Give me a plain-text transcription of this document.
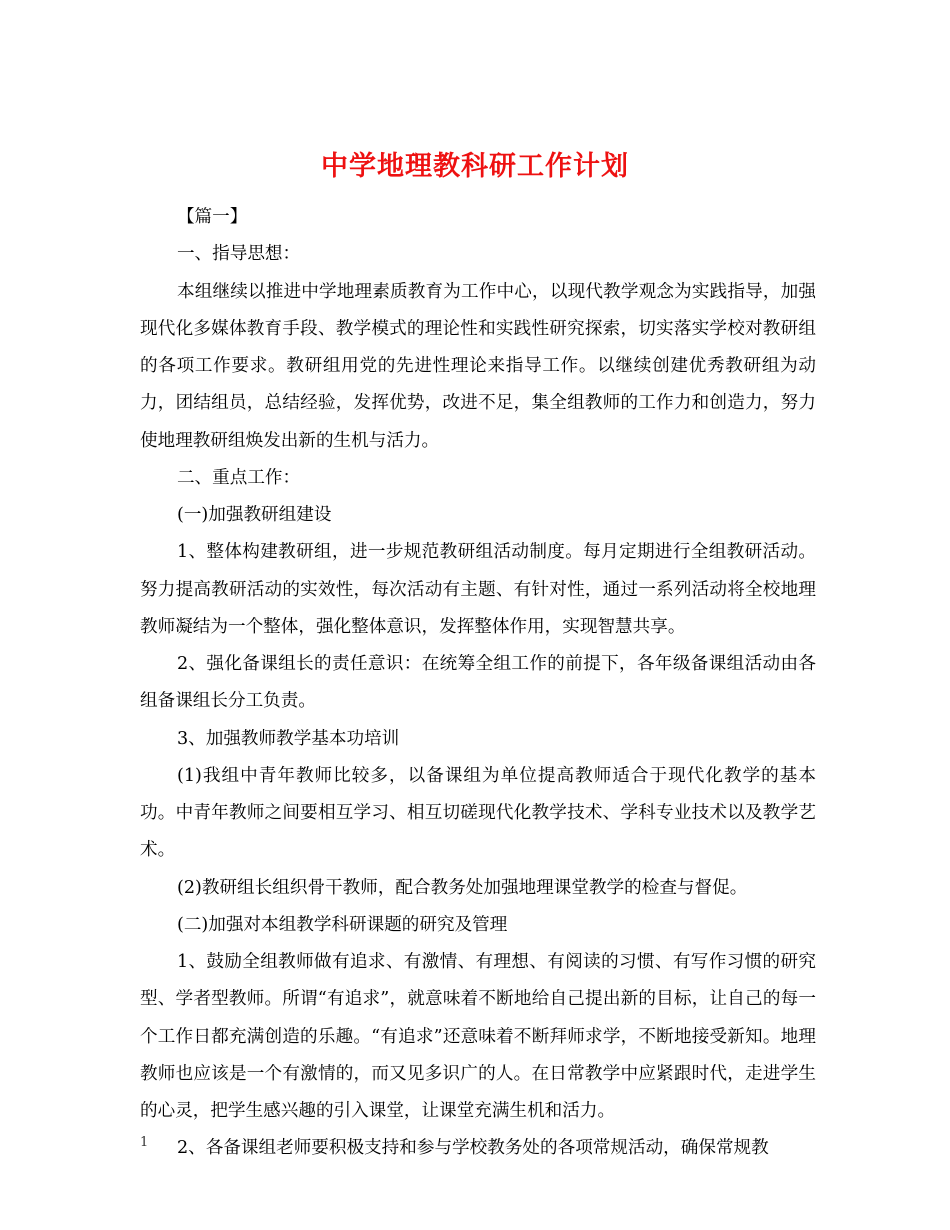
中学地理教科研工作计划

【篇一】

一、指导思想：

本组继续以推进中学地理素质教育为工作中心，以现代教学观念为实践指导，加强现代化多媒体教育手段、教学模式的理论性和实践性研究探索，切实落实学校对教研组的各项工作要求。教研组用党的先进性理论来指导工作。以继续创建优秀教研组为动力，团结组员，总结经验，发挥优势，改进不足，集全组教师的工作力和创造力，努力使地理教研组焕发出新的生机与活力。

二、重点工作：

(一)加强教研组建设

1、整体构建教研组，进一步规范教研组活动制度。每月定期进行全组教研活动。努力提高教研活动的实效性，每次活动有主题、有针对性，通过一系列活动将全校地理教师凝结为一个整体，强化整体意识，发挥整体作用，实现智慧共享。

2、强化备课组长的责任意识：在统筹全组工作的前提下，各年级备课组活动由各组备课组长分工负责。

3、加强教师教学基本功培训

(1)我组中青年教师比较多，以备课组为单位提高教师适合于现代化教学的基本功。中青年教师之间要相互学习、相互切磋现代化教学技术、学科专业技术以及教学艺术。

(2)教研组长组织骨干教师，配合教务处加强地理课堂教学的检查与督促。

(二)加强对本组教学科研课题的研究及管理

1、鼓励全组教师做有追求、有激情、有理想、有阅读的习惯、有写作习惯的研究型、学者型教师。所谓“有追求”，就意味着不断地给自己提出新的目标，让自己的每一个工作日都充满创造的乐趣。“有追求”还意味着不断拜师求学，不断地接受新知。地理教师也应该是一个有激情的，而又见多识广的人。在日常教学中应紧跟时代，走进学生的心灵，把学生感兴趣的引入课堂，让课堂充满生机和活力。

2、各备课组老师要积极支持和参与学校教务处的各项常规活动，确保常规教

1
